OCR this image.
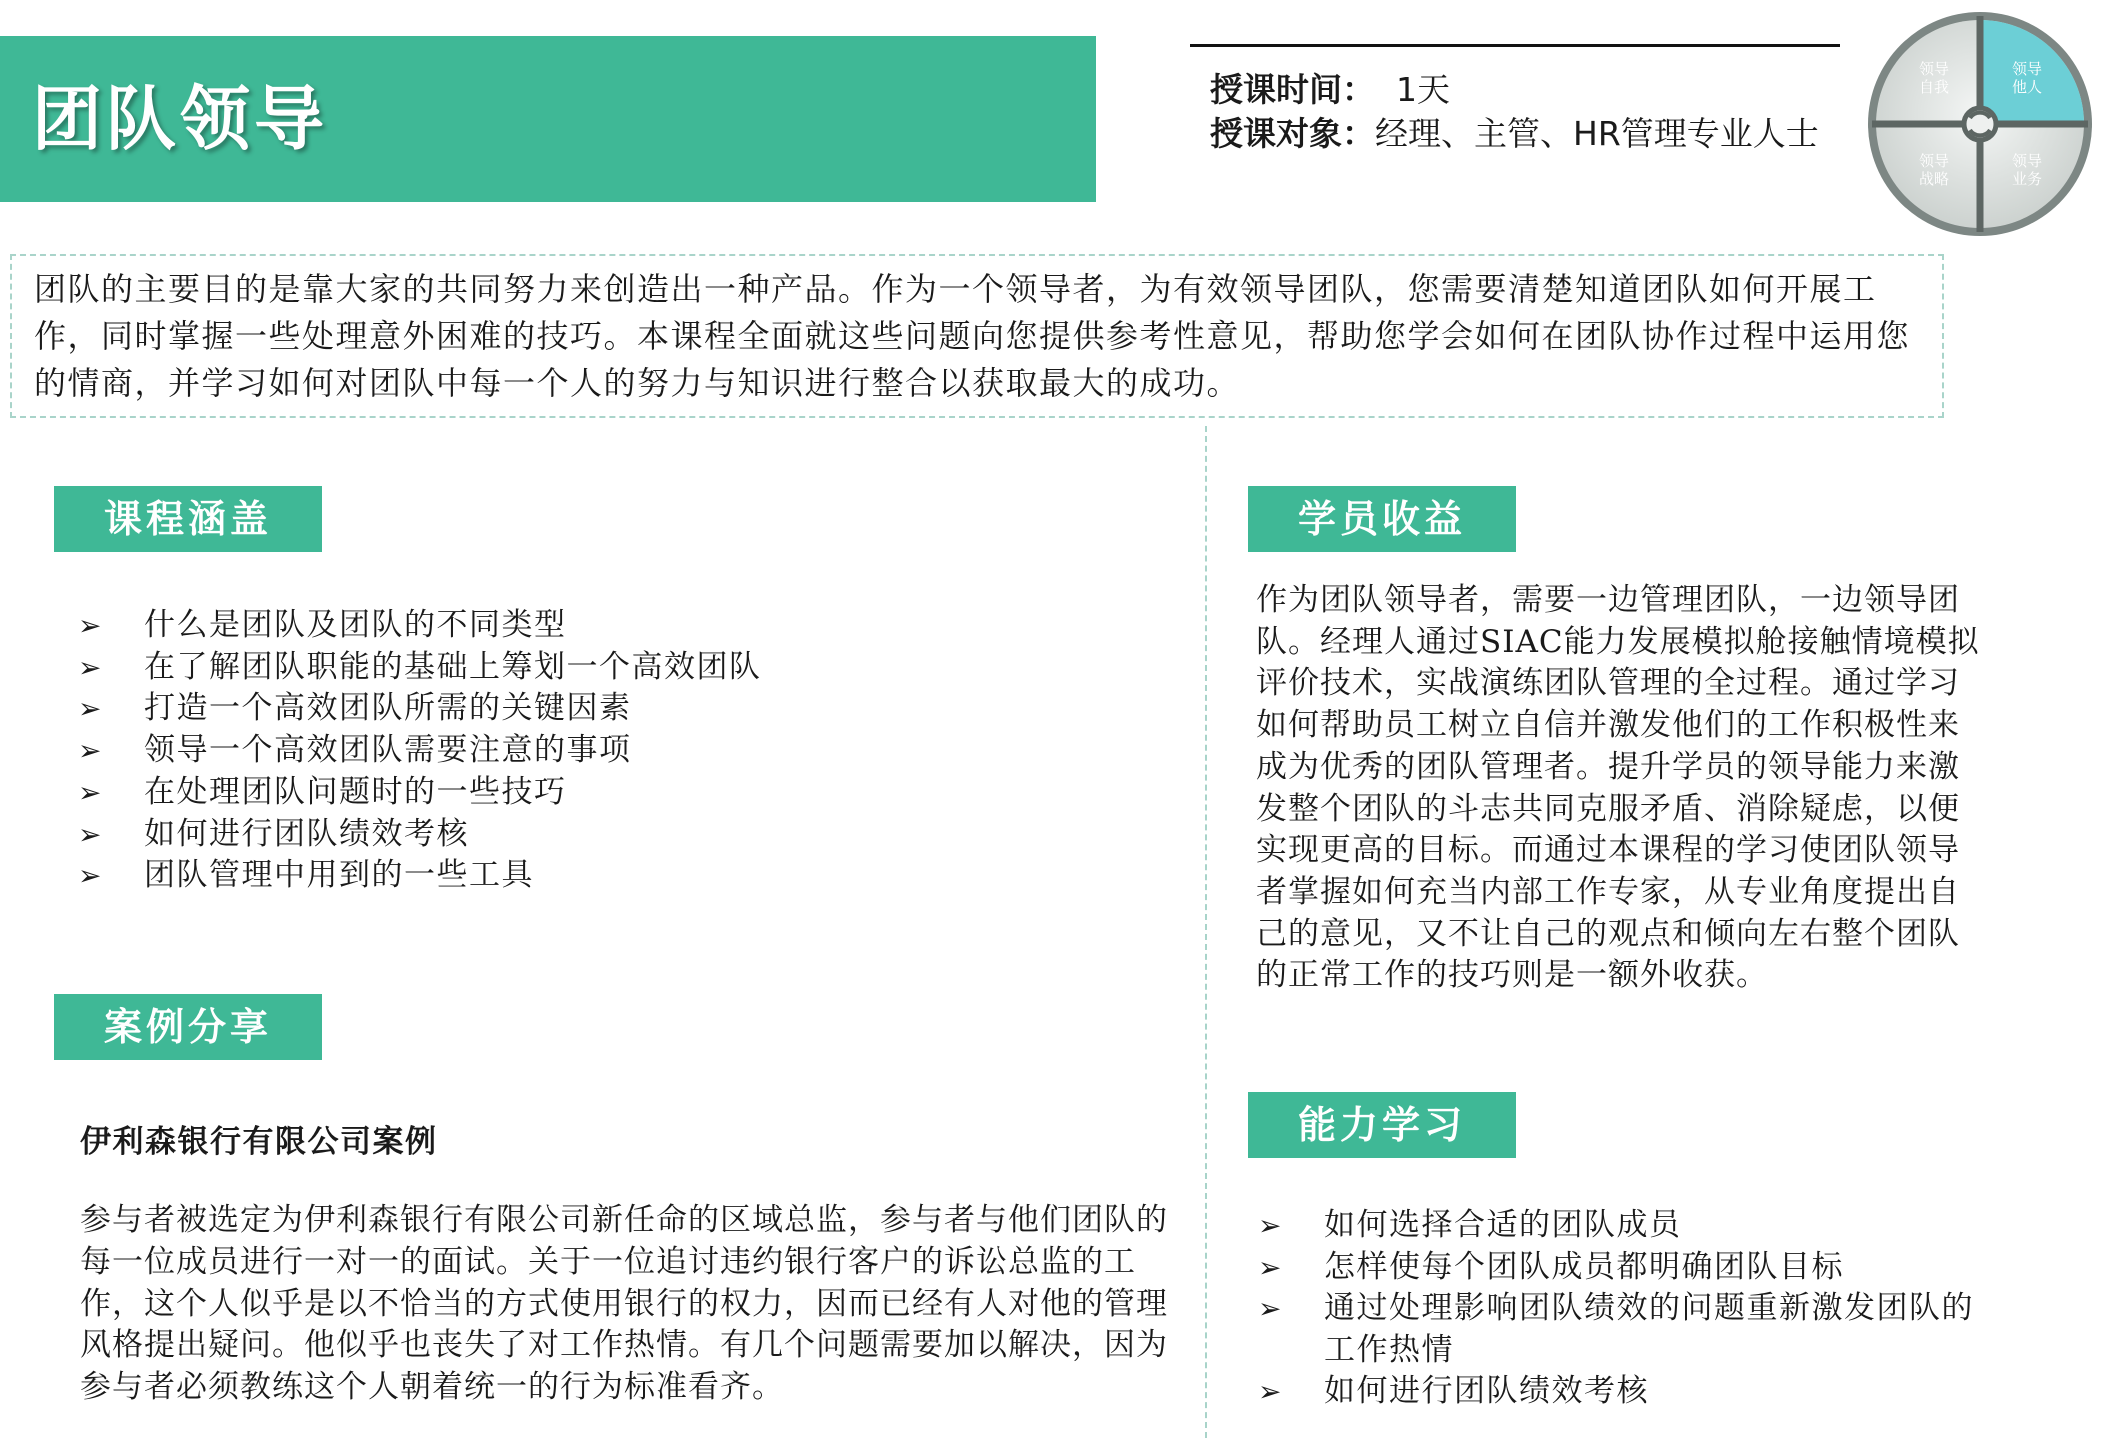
团队领导	授课时间： 1天
授课对象：经理、主管、HR管理专业人士
领导
自我
领导
他人
领导
战略
领导
业务
团队的主要目的是靠大家的共同努力来创造出一种产品。作为一个领导者，为有效领导团队，您需要清楚知道团队如何开展工作，同时掌握一些处理意外困难的技巧。本课程全面就这些问题向您提供参考性意见，帮助您学会如何在团队协作过程中运用您的情商，并学习如何对团队中每一个人的努力与知识进行整合以获取最大的成功。
课程涵盖
➢ 什么是团队及团队的不同类型
➢ 在了解团队职能的基础上筹划一个高效团队
➢ 打造一个高效团队所需的关键因素
➢ 领导一个高效团队需要注意的事项
➢ 在处理团队问题时的一些技巧
➢ 如何进行团队绩效考核
➢ 团队管理中用到的一些工具
案例分享
伊利森银行有限公司案例
参与者被选定为伊利森银行有限公司新任命的区域总监，参与者与他们团队的每一位成员进行一对一的面试。关于一位追讨违约银行客户的诉讼总监的工作，这个人似乎是以不恰当的方式使用银行的权力，因而已经有人对他的管理风格提出疑问。他似乎也丧失了对工作热情。有几个问题需要加以解决，因为参与者必须教练这个人朝着统一的行为标准看齐。
学员收益
作为团队领导者，需要一边管理团队，一边领导团队。经理人通过SIAC能力发展模拟舱接触情境模拟评价技术，实战演练团队管理的全过程。通过学习如何帮助员工树立自信并激发他们的工作积极性来成为优秀的团队管理者。提升学员的领导能力来激发整个团队的斗志共同克服矛盾、消除疑虑，以便实现更高的目标。而通过本课程的学习使团队领导者掌握如何充当内部工作专家，从专业角度提出自己的意见，又不让自己的观点和倾向左右整个团队的正常工作的技巧则是一额外收获。
能力学习
➢ 如何选择合适的团队成员
➢ 怎样使每个团队成员都明确团队目标
➢ 通过处理影响团队绩效的问题重新激发团队的工作热情
➢ 如何进行团队绩效考核
